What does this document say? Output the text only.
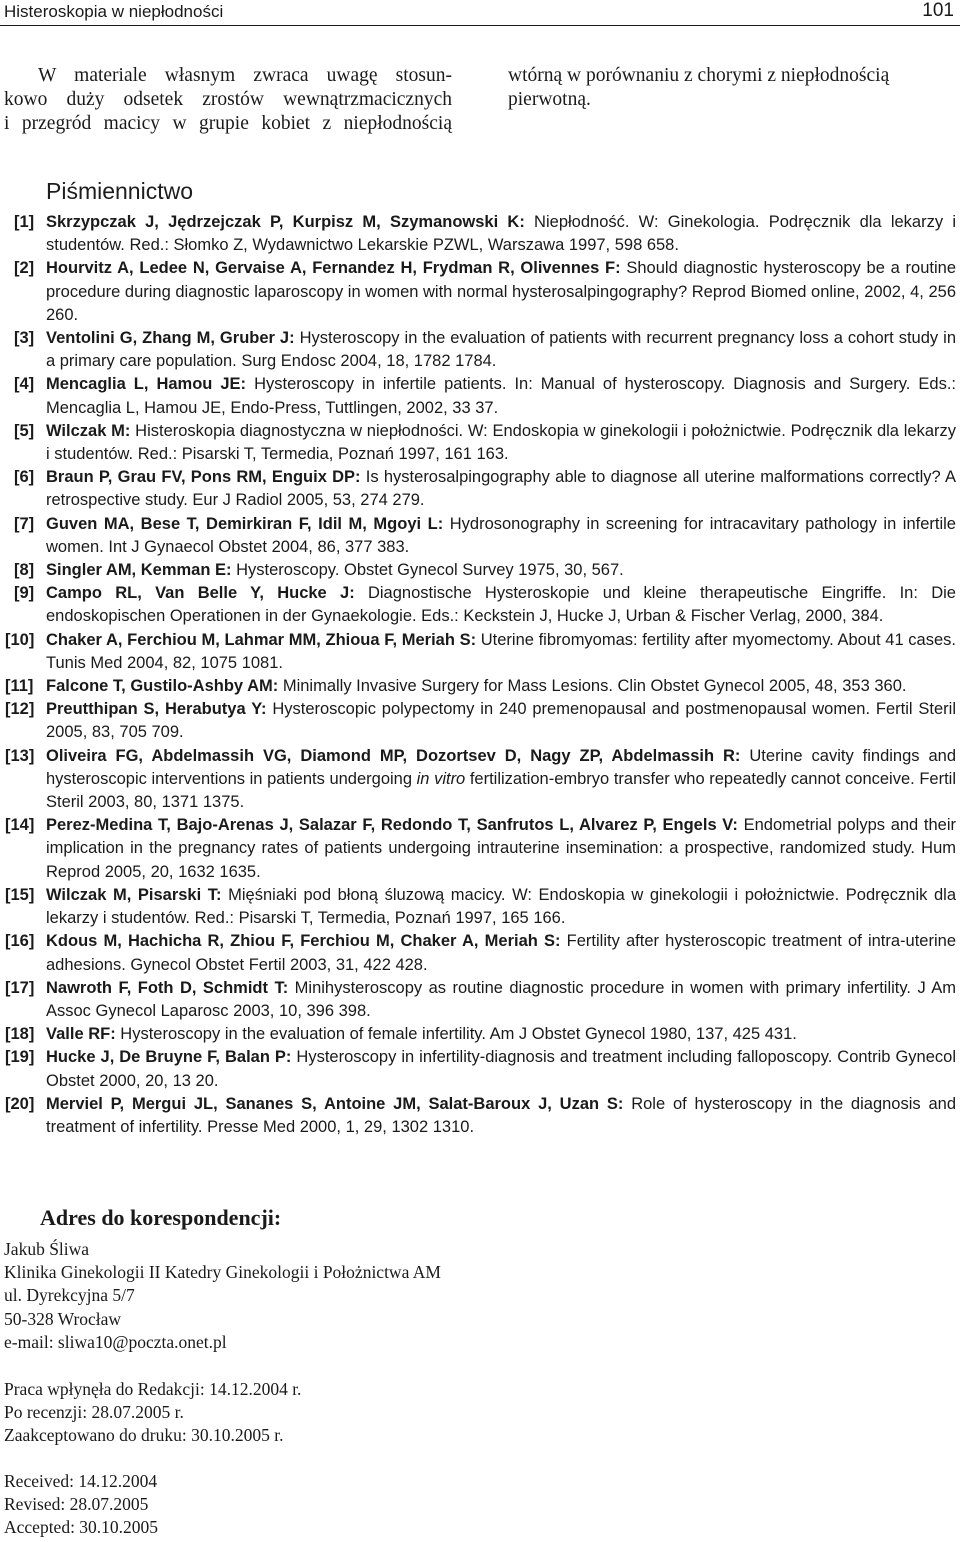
Histeroskopia w niepłodności	101
W materiale własnym zwraca uwagę stosun-
kowo duży odsetek zrostów wewnątrzmacicznych
i przegród macicy w grupie kobiet z niepłodnością
wtórną w porównaniu z chorymi z niepłodnością
pierwotną.
Piśmiennictwo
[1] Skrzypczak J, Jędrzejczak P, Kurpisz M, Szymanowski K: Niepłodność. W: Ginekologia. Podręcznik dla lekarzy i studentów. Red.: Słomko Z, Wydawnictwo Lekarskie PZWL, Warszawa 1997, 598 658.
[2] Hourvitz A, Ledee N, Gervaise A, Fernandez H, Frydman R, Olivennes F: Should diagnostic hysteroscopy be a routine procedure during diagnostic laparoscopy in women with normal hysterosalpingography? Reprod Biomed online, 2002, 4, 256 260.
[3] Ventolini G, Zhang M, Gruber J: Hysteroscopy in the evaluation of patients with recurrent pregnancy loss a cohort study in a primary care population. Surg Endosc 2004, 18, 1782 1784.
[4] Mencaglia L, Hamou JE: Hysteroscopy in infertile patients. In: Manual of hysteroscopy. Diagnosis and Surgery. Eds.: Mencaglia L, Hamou JE, Endo-Press, Tuttlingen, 2002, 33 37.
[5] Wilczak M: Histeroskopia diagnostyczna w niepłodności. W: Endoskopia w ginekologii i położnictwie. Podręcznik dla lekarzy i studentów. Red.: Pisarski T, Termedia, Poznań 1997, 161 163.
[6] Braun P, Grau FV, Pons RM, Enguix DP: Is hysterosalpingography able to diagnose all uterine malformations correctly? A retrospective study. Eur J Radiol 2005, 53, 274 279.
[7] Guven MA, Bese T, Demirkiran F, Idil M, Mgoyi L: Hydrosonography in screening for intracavitary pathology in infertile women. Int J Gynaecol Obstet 2004, 86, 377 383.
[8] Singler AM, Kemman E: Hysteroscopy. Obstet Gynecol Survey 1975, 30, 567.
[9] Campo RL, Van Belle Y, Hucke J: Diagnostische Hysteroskopie und kleine therapeutische Eingriffe. In: Die endoskopischen Operationen in der Gynaekologie. Eds.: Keckstein J, Hucke J, Urban & Fischer Verlag, 2000, 384.
[10] Chaker A, Ferchiou M, Lahmar MM, Zhioua F, Meriah S: Uterine fibromyomas: fertility after myomectomy. About 41 cases. Tunis Med 2004, 82, 1075 1081.
[11] Falcone T, Gustilo-Ashby AM: Minimally Invasive Surgery for Mass Lesions. Clin Obstet Gynecol 2005, 48, 353 360.
[12] Preutthipan S, Herabutya Y: Hysteroscopic polypectomy in 240 premenopausal and postmenopausal women. Fertil Steril 2005, 83, 705 709.
[13] Oliveira FG, Abdelmassih VG, Diamond MP, Dozortsev D, Nagy ZP, Abdelmassih R: Uterine cavity findings and hysteroscopic interventions in patients undergoing in vitro fertilization-embryo transfer who repeatedly cannot conceive. Fertil Steril 2003, 80, 1371 1375.
[14] Perez-Medina T, Bajo-Arenas J, Salazar F, Redondo T, Sanfrutos L, Alvarez P, Engels V: Endometrial polyps and their implication in the pregnancy rates of patients undergoing intrauterine insemination: a prospective, randomized study. Hum Reprod 2005, 20, 1632 1635.
[15] Wilczak M, Pisarski T: Mięśniaki pod błoną śluzową macicy. W: Endoskopia w ginekologii i położnictwie. Podręcznik dla lekarzy i studentów. Red.: Pisarski T, Termedia, Poznań 1997, 165 166.
[16] Kdous M, Hachicha R, Zhiou F, Ferchiou M, Chaker A, Meriah S: Fertility after hysteroscopic treatment of intra-uterine adhesions. Gynecol Obstet Fertil 2003, 31, 422 428.
[17] Nawroth F, Foth D, Schmidt T: Minihysteroscopy as routine diagnostic procedure in women with primary infertility. J Am Assoc Gynecol Laparosc 2003, 10, 396 398.
[18] Valle RF: Hysteroscopy in the evaluation of female infertility. Am J Obstet Gynecol 1980, 137, 425 431.
[19] Hucke J, De Bruyne F, Balan P: Hysteroscopy in infertility-diagnosis and treatment including falloposcopy. Contrib Gynecol Obstet 2000, 20, 13 20.
[20] Merviel P, Mergui JL, Sananes S, Antoine JM, Salat-Baroux J, Uzan S: Role of hysteroscopy in the diagnosis and treatment of infertility. Presse Med 2000, 1, 29, 1302 1310.
Adres do korespondencji:
Jakub Śliwa
Klinika Ginekologii II Katedry Ginekologii i Położnictwa AM
ul. Dyrekcyjna 5/7
50-328 Wrocław
e-mail: sliwa10@poczta.onet.pl
Praca wpłynęła do Redakcji: 14.12.2004 r.
Po recenzji: 28.07.2005 r.
Zaakceptowano do druku: 30.10.2005 r.
Received: 14.12.2004
Revised: 28.07.2005
Accepted: 30.10.2005
